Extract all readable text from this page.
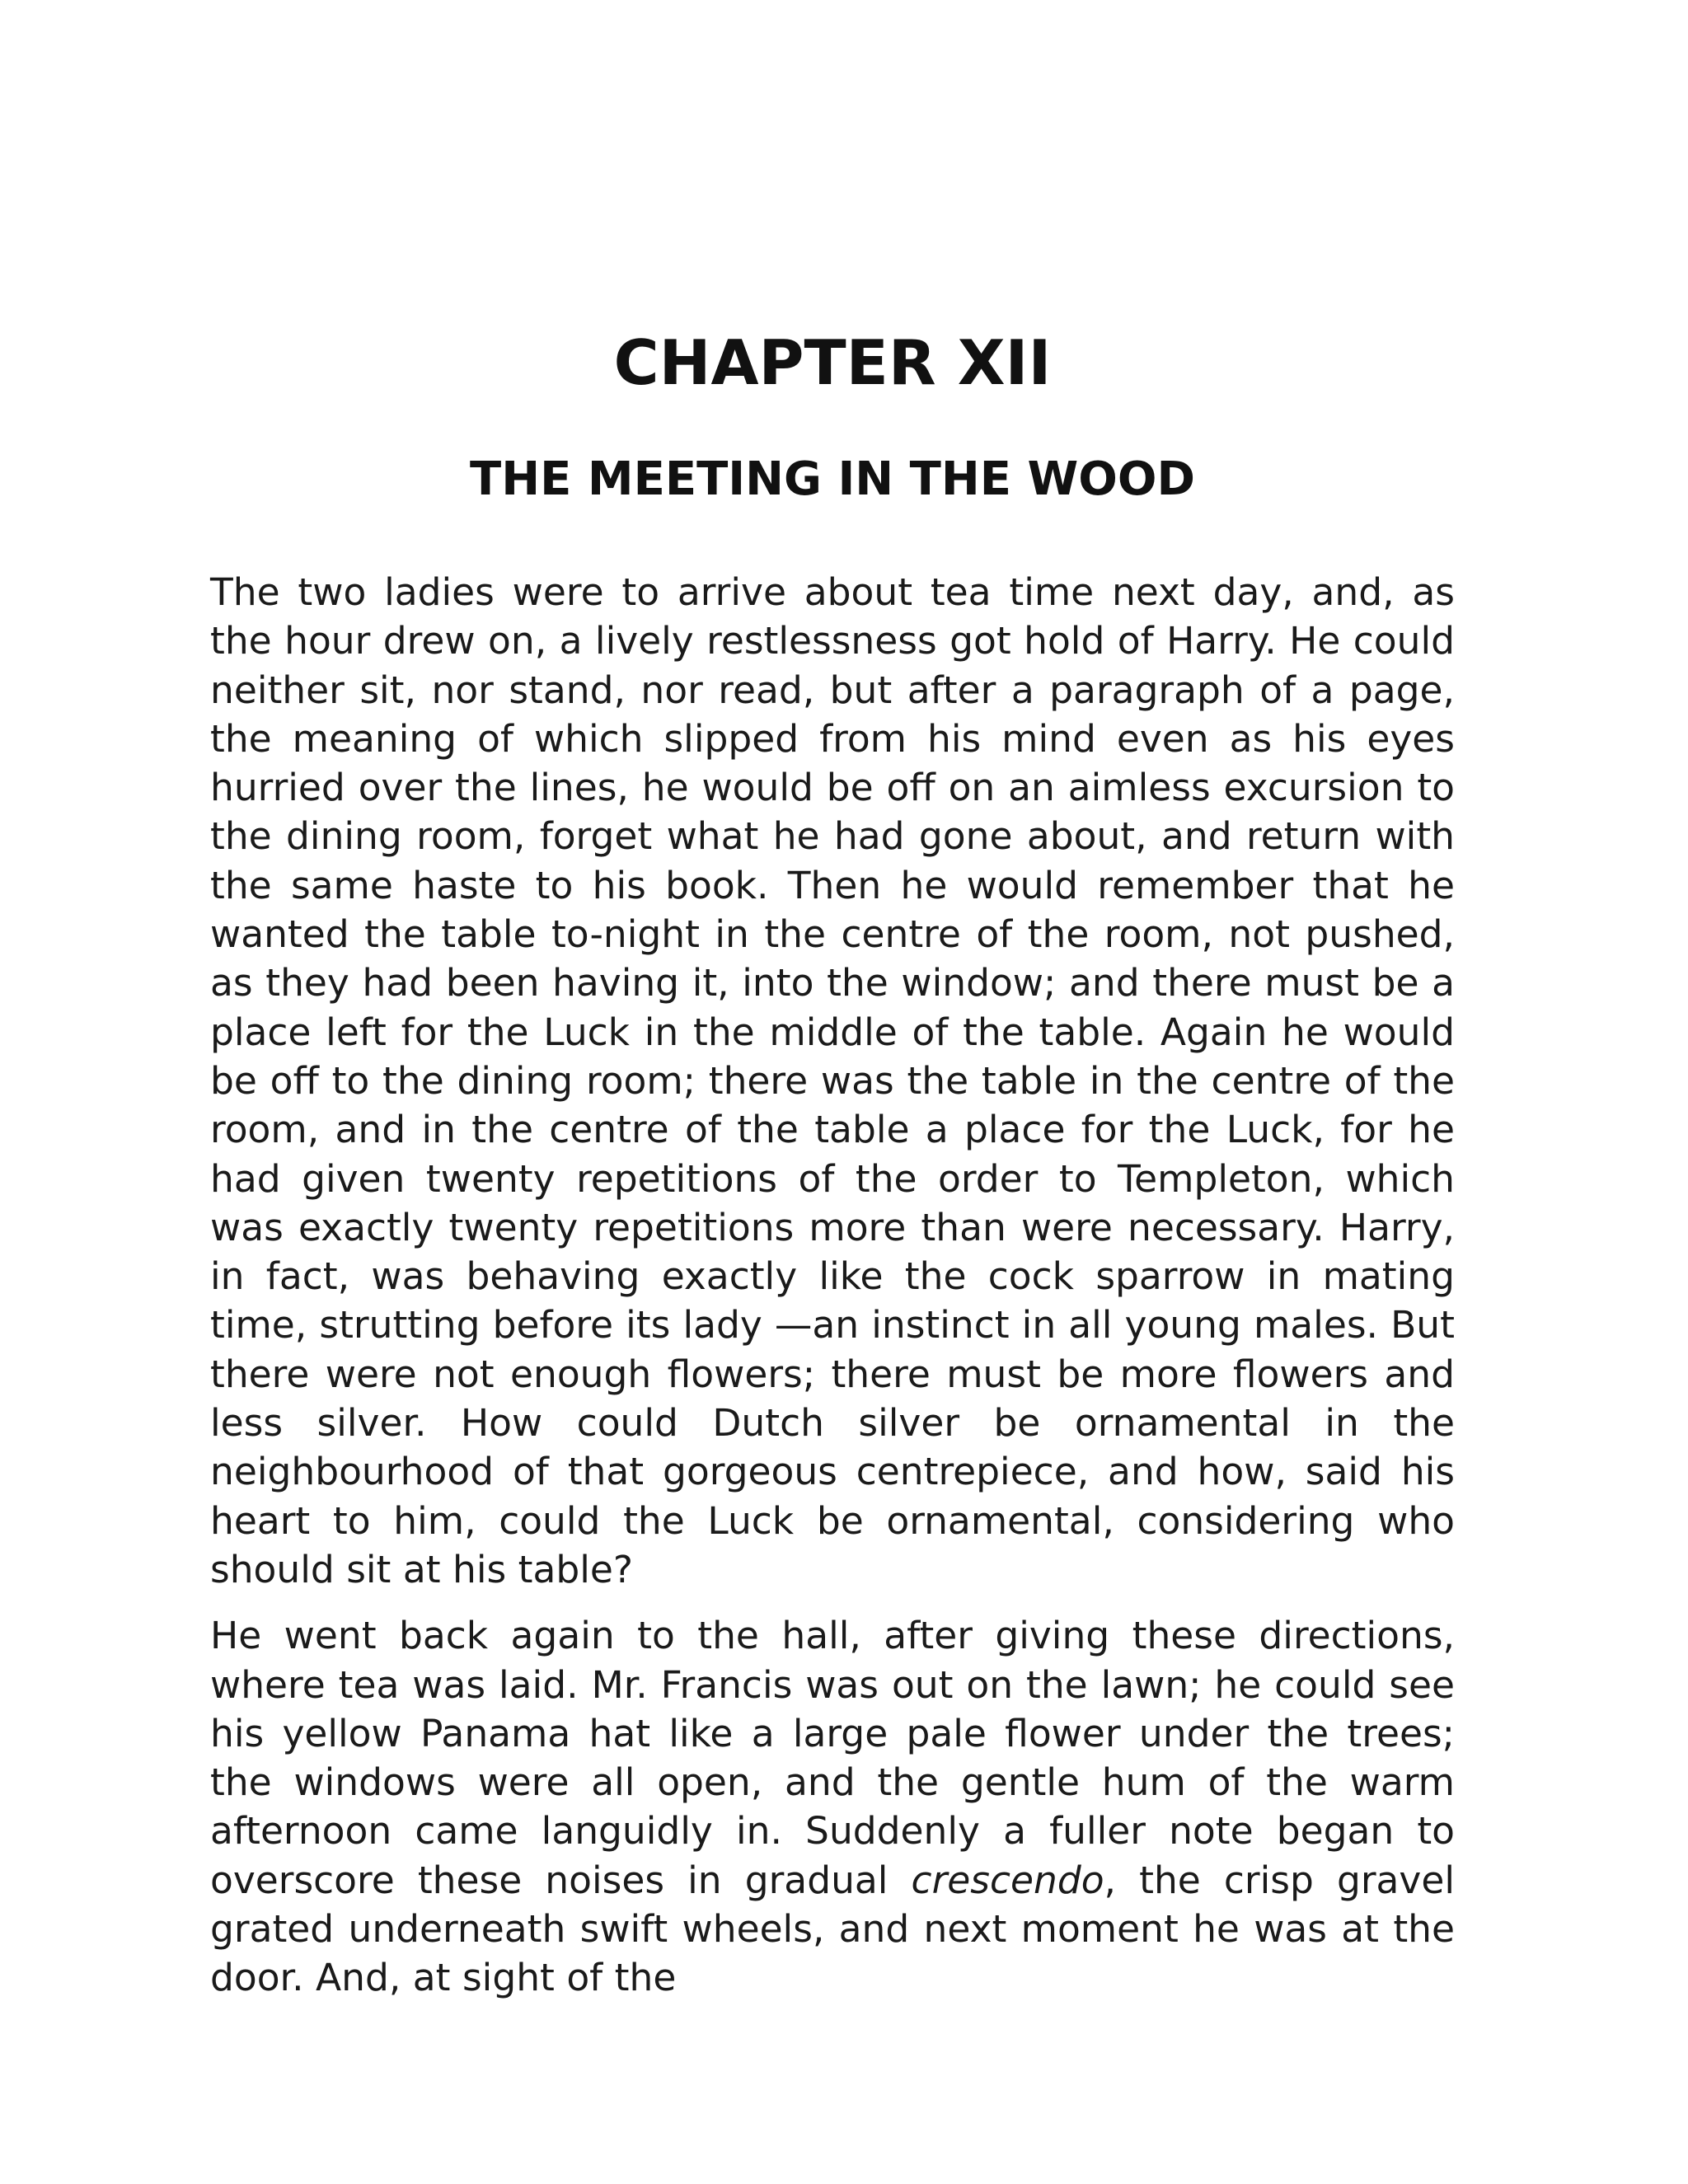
CHAPTER XII
THE MEETING IN THE WOOD

The two ladies were to arrive about tea time next day, and, as the hour drew on, a lively restlessness got hold of Harry. He could neither sit, nor stand, nor read, but after a paragraph of a page, the meaning of which slipped from his mind even as his eyes hurried over the lines, he would be off on an aimless excursion to the dining room, forget what he had gone about, and return with the same haste to his book. Then he would remember that he wanted the table to-night in the centre of the room, not pushed, as they had been having it, into the window; and there must be a place left for the Luck in the middle of the table. Again he would be off to the dining room; there was the table in the centre of the room, and in the centre of the table a place for the Luck, for he had given twenty repetitions of the order to Templeton, which was exactly twenty repetitions more than were necessary. Harry, in fact, was behaving exactly like the cock sparrow in mating time, strutting before its lady —an instinct in all young males. But there were not enough flowers; there must be more flowers and less silver. How could Dutch silver be ornamental in the neighbourhood of that gorgeous centrepiece, and how, said his heart to him, could the Luck be ornamental, considering who should sit at his table?

He went back again to the hall, after giving these directions, where tea was laid. Mr. Francis was out on the lawn; he could see his yellow Panama hat like a large pale flower under the trees; the windows were all open, and the gentle hum of the warm afternoon came languidly in. Suddenly a fuller note began to overscore these noises in gradual crescendo, the crisp gravel grated underneath swift wheels, and next moment he was at the door. And, at sight of the
